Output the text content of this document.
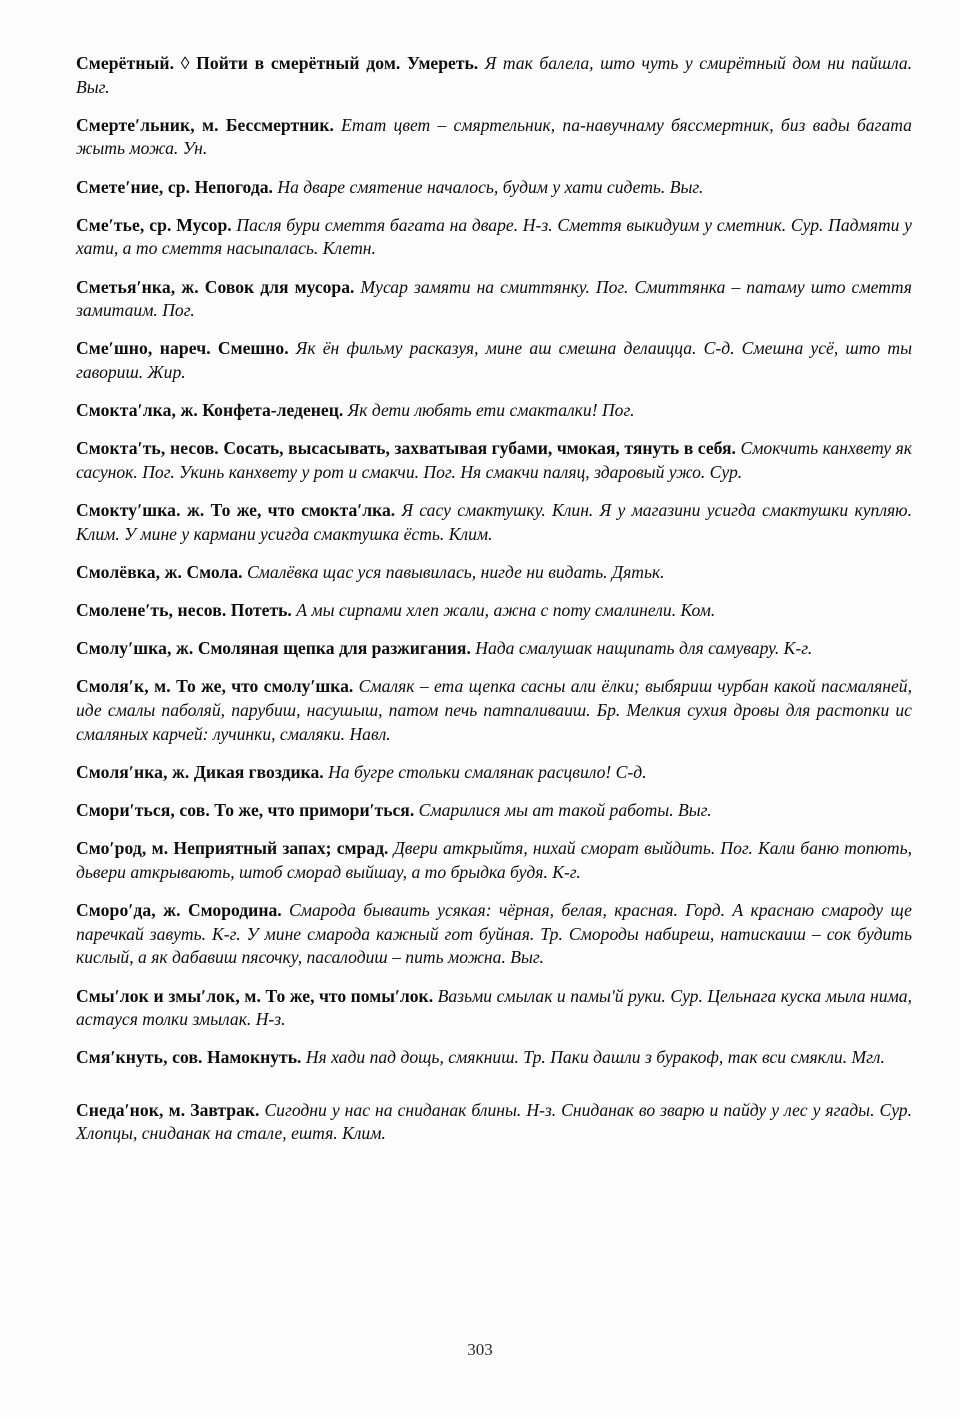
Смерётный. ◊ Пойти в смерётный дом. Умереть. Я так балела, што чуть у смирётный дом ни пайшла. Выг.

Смертеʹльник, м. Бессмертник. Етат цвет – смяртельник, па-навучнаму бяссмертник, биз вады багата жыть можа. Ун.

Сметеʹние, ср. Непогода. На дваре смятение началось, будим у хати сидеть. Выг.

Смеʹтье, ср. Мусор. Пасля бури смеття багата на дваре. Н-з. Смеття выкидуим у сметник. Сур. Падмяти у хати, а то смеття насыпалась. Клетн.

Сметьяʹнка, ж. Совок для мусора. Мусар замяти на смиттянку. Пог. Смиттянка – патаму што смеття замитаим. Пог.

Смеʹшно, нареч. Смешно. Як ён фильму расказуя, мине аш смешна делаицца. С-д. Смешна усё, што ты гавориш. Жир.

Смоктаʹлка, ж. Конфета-леденец. Як дети любять ети смакталки! Пог.

Смоктаʹть, несов. Сосать, высасывать, захватывая губами, чмокая, тянуть в себя. Смокчить канхвету як сасунок. Пог. Укинь канхвету у рот и смакчи. Пог. Ня смакчи паляц, здаровый ужо. Сур.

Смоктуʹшка. ж. То же, что смоктаʹлка. Я сасу смактушку. Клин. Я у магазини усигда смактушки купляю. Клим. У мине у кармани усигда смактушка ёсть. Клим.

Смолёвка, ж. Смола. Смалёвка щас уся павывилась, нигде ни видать. Дятьк.

Смоленеʹть, несов. Потеть. А мы сирпами хлеп жали, ажна с поту смалинели. Ком.

Смолуʹшка, ж. Смоляная щепка для разжигания. Нада смалушак нащипать для самувару. К-г.

Смоляʹк, м. То же, что смолуʹшка. Смаляк – ета щепка сасны али ёлки; выбяриш чурбан какой пасмаляней, иде смалы паболяй, парубиш, насушыш, патом печь патпаливаиш. Бр. Мелкия сухия дровы для растопки ис смаляных карчей: лучинки, смаляки. Навл.

Смоляʹнка, ж. Дикая гвоздика. На бугре стольки смалянак расцвило! С-д.

Смориʹться, сов. То же, что примориʹться. Смарилися мы ат такой работы. Выг.

Смоʹрод, м. Неприятный запах; смрад. Двери аткрыйтя, нихай сморат выйдить. Пог. Кали баню топють, дьвери аткрывають, штоб сморад выйшау, а то брыдка будя. К-г.

Смороʹда, ж. Смородина. Смарода бываить усякая: чёрная, белая, красная. Горд. А краснаю смароду ще паречкай завуть. К-г. У мине смарода кажный гот буйная. Тр. Смороды набиреш, натискаиш – сок будить кислый, а як дабавиш пясочку, пасалодиш – пить можна. Выг.

Смыʹлок и змыʹлок, м. То же, что помыʹлок. Вазьми смылак и памыʹй руки. Сур. Цельнага куска мыла нима, астауся толки змылак. Н-з.

Смяʹкнуть, сов. Намокнуть. Ня хади пад дощь, смякниш. Тр. Паки дашли з буракоф, так вси смякли. Мгл.

Снедаʹнок, м. Завтрак. Сигодни у нас на сниданак блины. Н-з. Сниданак во зварю и пайду у лес у ягады. Сур. Хлопцы, сниданак на стале, ештя. Клим.

303
